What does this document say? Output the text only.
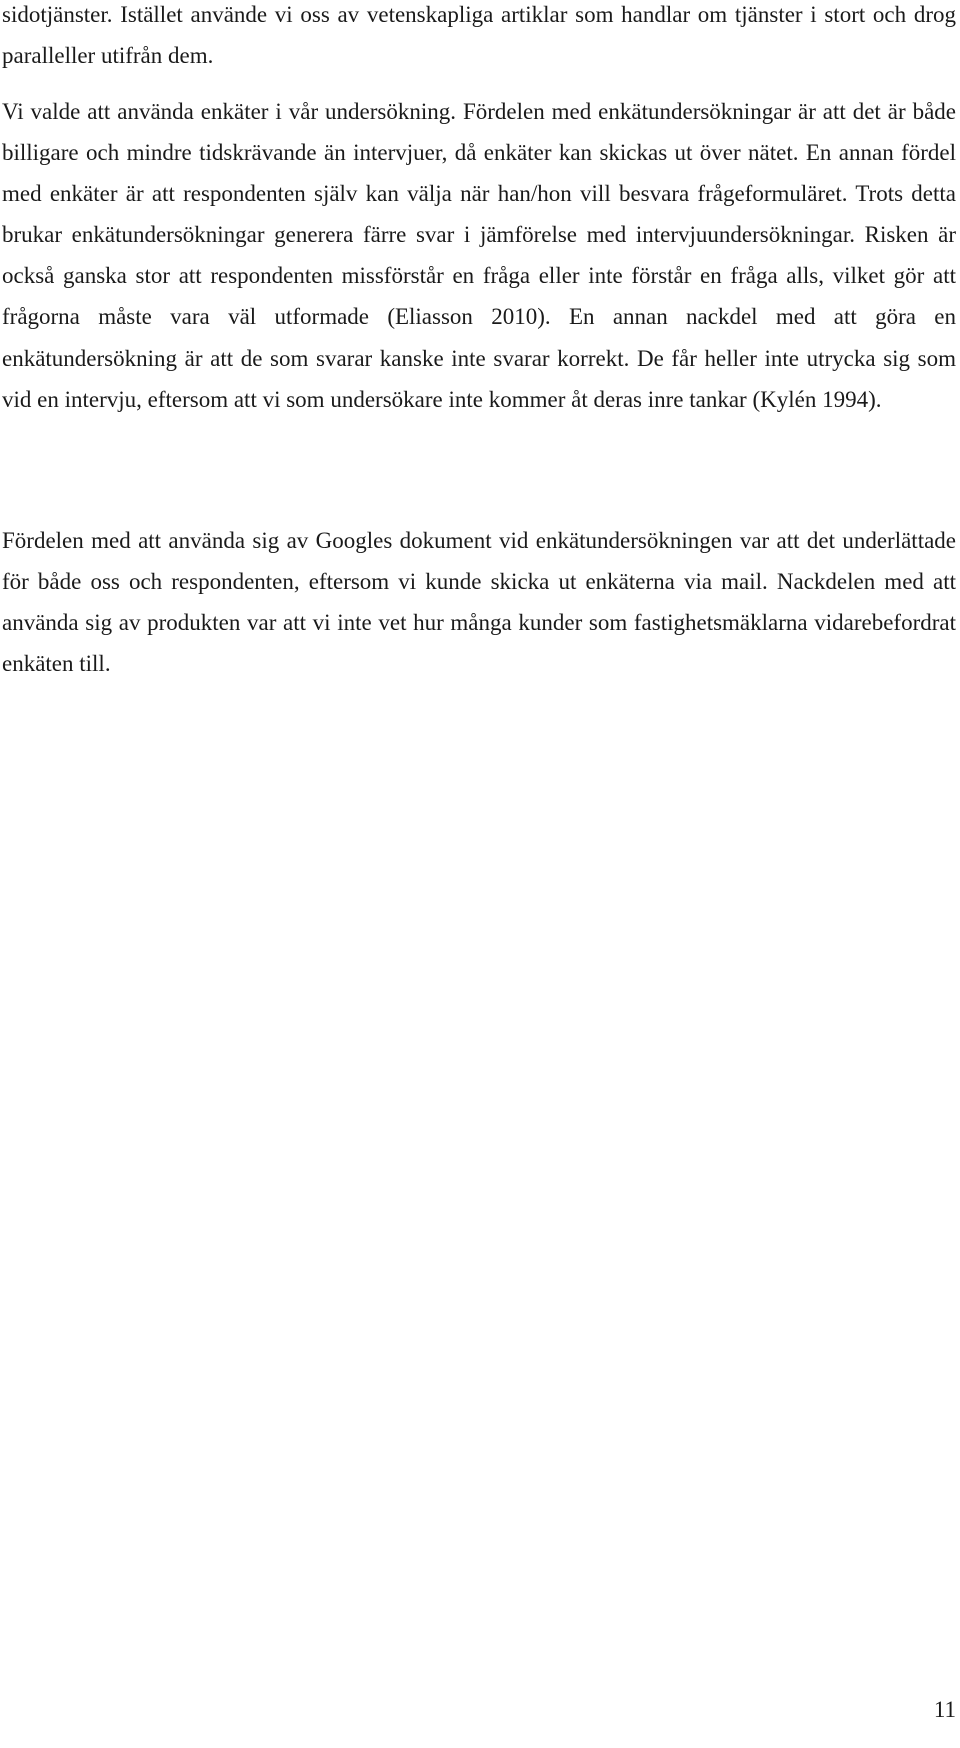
sidotjänster. Istället använde vi oss av vetenskapliga artiklar som handlar om tjänster i stort och drog paralleller utifrån dem.

Vi valde att använda enkäter i vår undersökning. Fördelen med enkätundersökningar är att det är både billigare och mindre tidskrävande än intervjuer, då enkäter kan skickas ut över nätet. En annan fördel med enkäter är att respondenten själv kan välja när han/hon vill besvara frågeformuläret. Trots detta brukar enkätundersökningar generera färre svar i jämförelse med intervjuundersökningar. Risken är också ganska stor att respondenten missförstår en fråga eller inte förstår en fråga alls, vilket gör att frågorna måste vara väl utformade (Eliasson 2010). En annan nackdel med att göra en enkätundersökning är att de som svarar kanske inte svarar korrekt. De får heller inte utrycka sig som vid en intervju, eftersom att vi som undersökare inte kommer åt deras inre tankar (Kylén 1994).

Fördelen med att använda sig av Googles dokument vid enkätundersökningen var att det underlättade för både oss och respondenten, eftersom vi kunde skicka ut enkäterna via mail. Nackdelen med att använda sig av produkten var att vi inte vet hur många kunder som fastighetsmäklarna vidarebefordrat enkäten till.

11
